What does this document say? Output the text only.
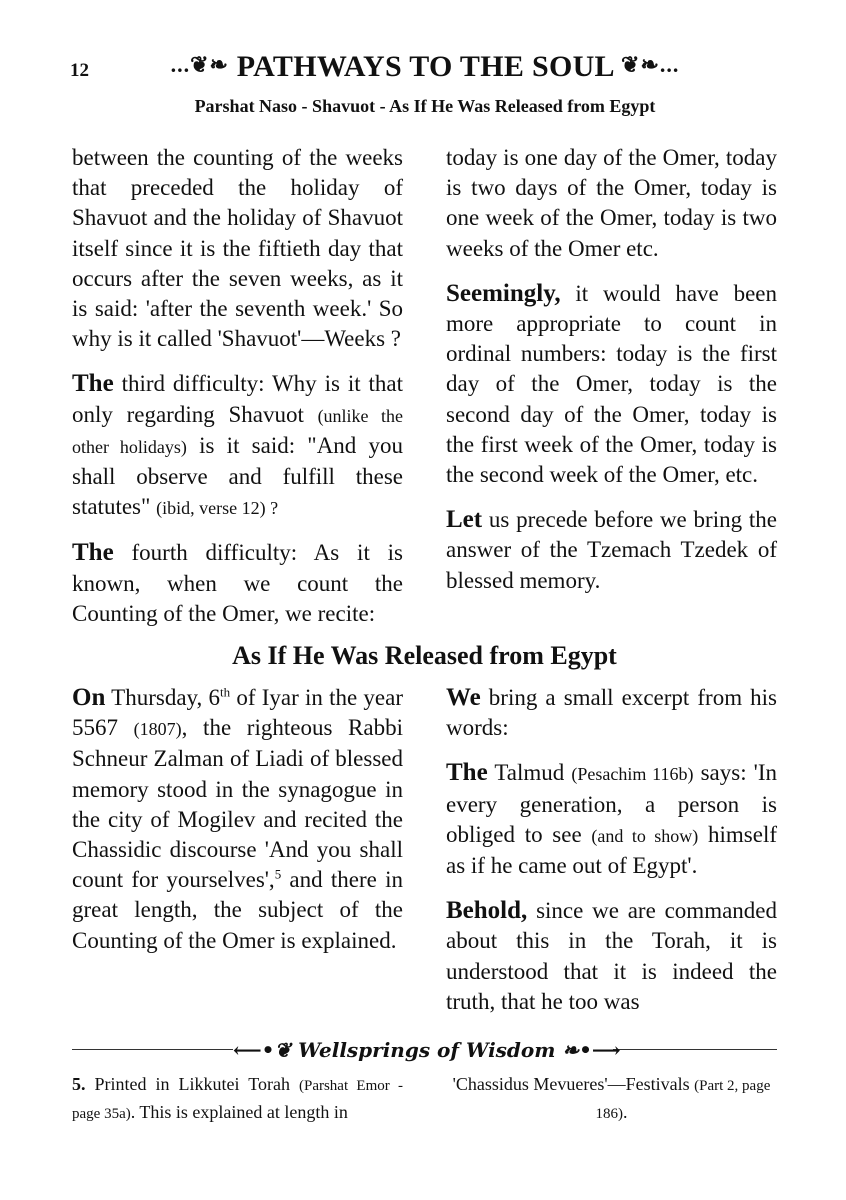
12	...❦❧ PATHWAYS TO THE SOUL ❦❧...
Parshat Naso - Shavuot - As If He Was Released from Egypt

between the counting of the weeks that preceded the holiday of Shavuot and the holiday of Shavuot itself since it is the fiftieth day that occurs after the seven weeks, as it is said: 'after the seventh week.' So why is it called 'Shavuot'—Weeks ?

The third difficulty: Why is it that only regarding Shavuot (unlike the other holidays) is it said: "And you shall observe and fulfill these statutes" (ibid, verse 12) ?

The fourth difficulty: As it is known, when we count the Counting of the Omer, we recite:

today is one day of the Omer, today is two days of the Omer, today is one week of the Omer, today is two weeks of the Omer etc.

Seemingly, it would have been more appropriate to count in ordinal numbers: today is the first day of the Omer, today is the second day of the Omer, today is the first week of the Omer, today is the second week of the Omer, etc.

Let us precede before we bring the answer of the Tzemach Tzedek of blessed memory.

As If He Was Released from Egypt

On Thursday, 6th of Iyar in the year 5567 (1807), the righteous Rabbi Schneur Zalman of Liadi of blessed memory stood in the synagogue in the city of Mogilev and recited the Chassidic discourse 'And you shall count for yourselves',$^5$ and there in great length, the subject of the Counting of the Omer is explained.

We bring a small excerpt from his words:

The Talmud (Pesachim 116b) says: 'In every generation, a person is obliged to see (and to show) himself as if he came out of Egypt'.

Behold, since we are commanded about this in the Torah, it is understood that it is indeed the truth, that he too was

⟵•❦ Wellsprings of Wisdom ❧•⟶

5. Printed in Likkutei Torah (Parshat Emor - page 35a). This is explained at length in

'Chassidus Mevueres'—Festivals (Part 2, page 186).
